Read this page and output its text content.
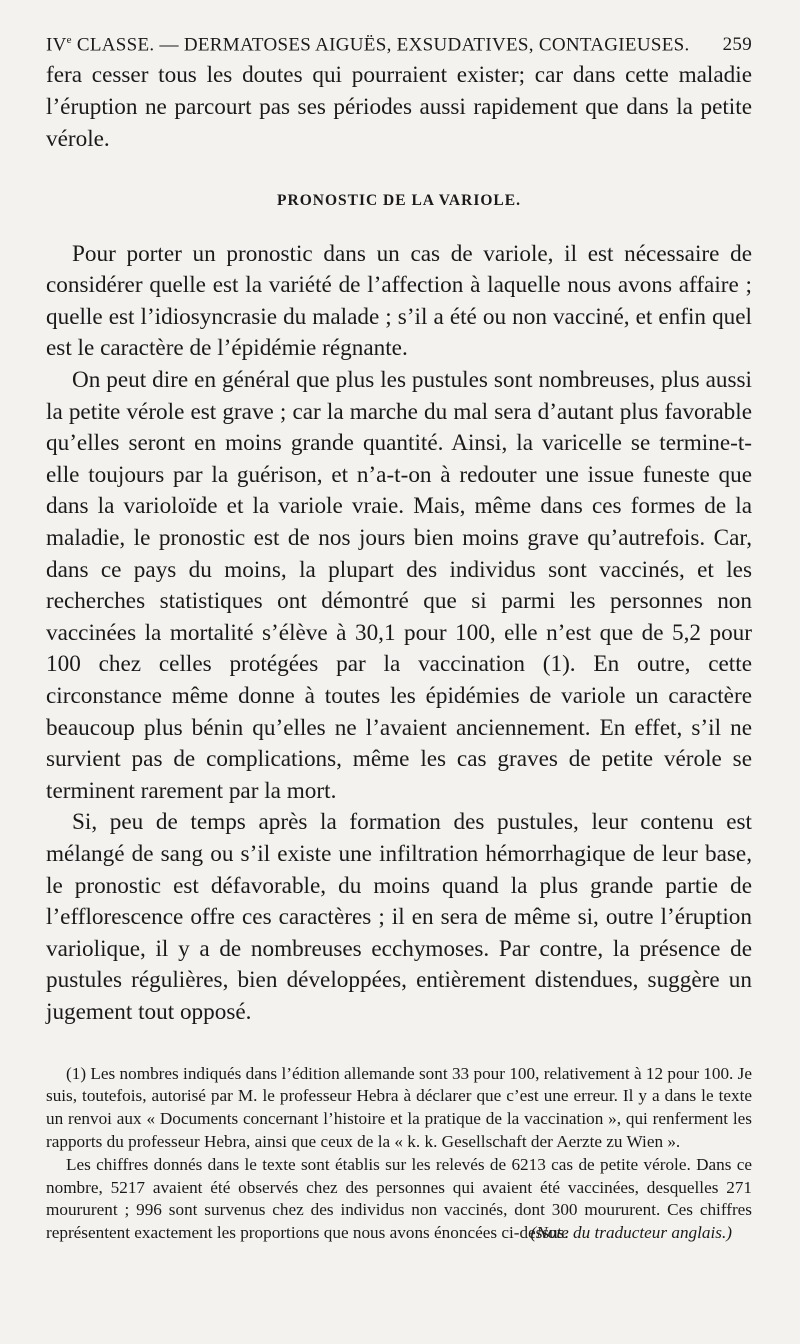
IVe CLASSE. — DERMATOSES AIGUËS, EXSUDATIVES, CONTAGIEUSES. 259

fera cesser tous les doutes qui pourraient exister; car dans cette maladie l’éruption ne parcourt pas ses périodes aussi rapidement que dans la petite vérole.

PRONOSTIC DE LA VARIOLE.

Pour porter un pronostic dans un cas de variole, il est nécessaire de considérer quelle est la variété de l’affection à laquelle nous avons affaire ; quelle est l’idiosyncrasie du malade ; s’il a été ou non vacciné, et enfin quel est le caractère de l’épidémie régnante.

On peut dire en général que plus les pustules sont nombreuses, plus aussi la petite vérole est grave ; car la marche du mal sera d’autant plus favorable qu’elles seront en moins grande quantité. Ainsi, la varicelle se termine-t-elle toujours par la guérison, et n’a-t-on à redouter une issue funeste que dans la varioloïde et la variole vraie. Mais, même dans ces formes de la maladie, le pronostic est de nos jours bien moins grave qu’autrefois. Car, dans ce pays du moins, la plupart des individus sont vaccinés, et les recherches statistiques ont démontré que si parmi les personnes non vaccinées la mortalité s’élève à 30,1 pour 100, elle n’est que de 5,2 pour 100 chez celles protégées par la vaccination (1). En outre, cette circonstance même donne à toutes les épidémies de variole un caractère beaucoup plus bénin qu’elles ne l’avaient anciennement. En effet, s’il ne survient pas de complications, même les cas graves de petite vérole se terminent rarement par la mort.

Si, peu de temps après la formation des pustules, leur contenu est mélangé de sang ou s’il existe une infiltration hémorrhagique de leur base, le pronostic est défavorable, du moins quand la plus grande partie de l’efflorescence offre ces caractères ; il en sera de même si, outre l’éruption variolique, il y a de nombreuses ecchymoses. Par contre, la présence de pustules régulières, bien développées, entièrement distendues, suggère un jugement tout opposé.

(1) Les nombres indiqués dans l’édition allemande sont 33 pour 100, relativement à 12 pour 100. Je suis, toutefois, autorisé par M. le professeur Hebra à déclarer que c’est une erreur. Il y a dans le texte un renvoi aux « Documents concernant l’histoire et la pratique de la vaccination », qui renferment les rapports du professeur Hebra, ainsi que ceux de la « k. k. Gesellschaft der Aerzte zu Wien ».

Les chiffres donnés dans le texte sont établis sur les relevés de 6213 cas de petite vérole. Dans ce nombre, 5217 avaient été observés chez des personnes qui avaient été vaccinées, desquelles 271 moururent ; 996 sont survenus chez des individus non vaccinés, dont 300 moururent. Ces chiffres représentent exactement les proportions que nous avons énoncées ci-dessus.
(Note du traducteur anglais.)
